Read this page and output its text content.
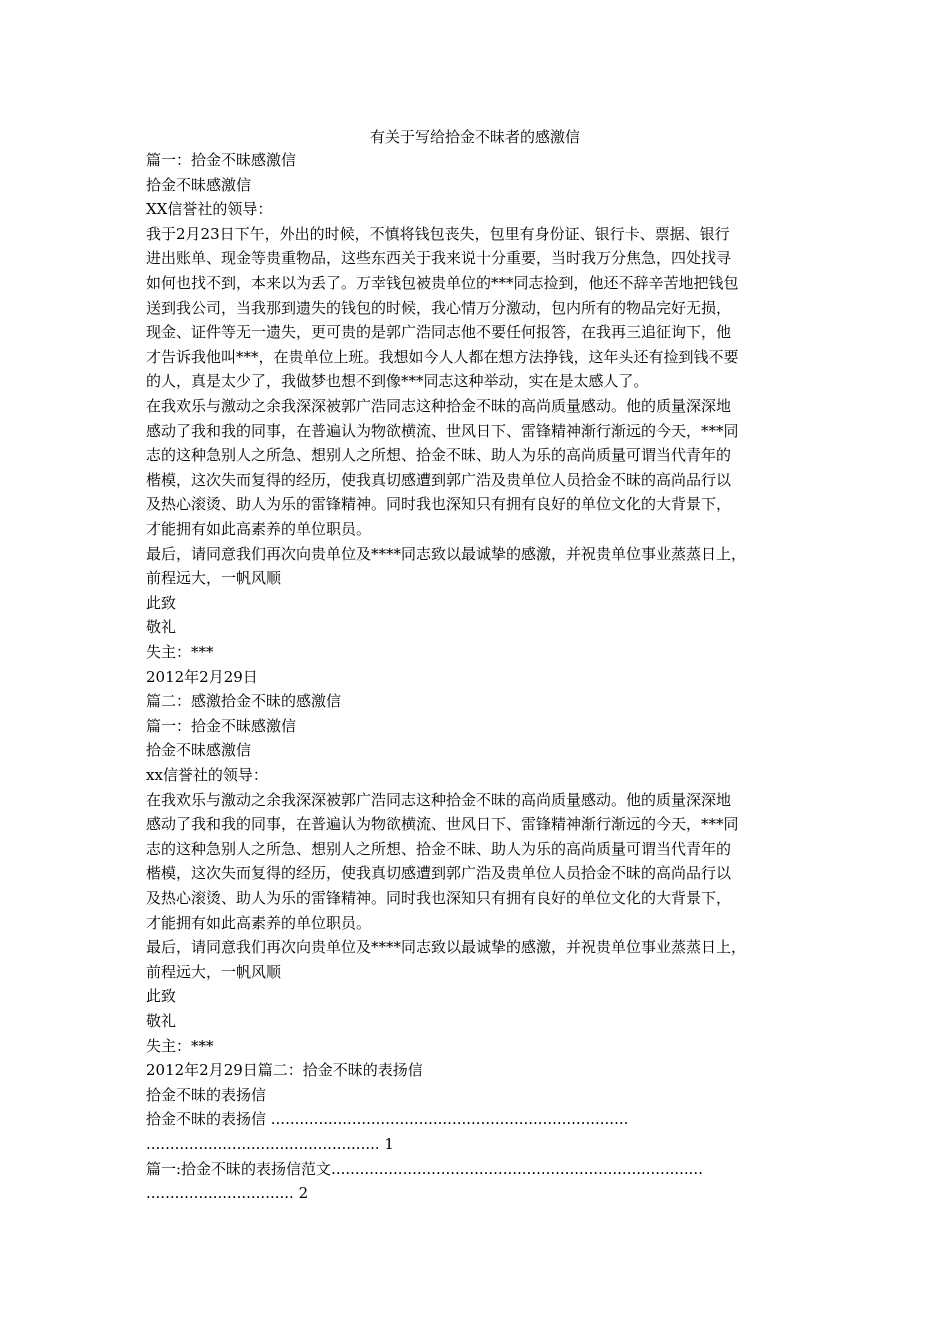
有关于写给拾金不昧者的感激信
篇一：拾金不昧感激信
拾金不昧感激信
XX信誉社的领导：
我于2月23日下午，外出的时候，不慎将钱包丧失，包里有身份证、银行卡、票据、银行
进出账单、现金等贵重物品，这些东西关于我来说十分重要，当时我万分焦急，四处找寻
如何也找不到，本来以为丢了。万幸钱包被贵单位的***同志捡到，他还不辞辛苦地把钱包
送到我公司，当我那到遗失的钱包的时候，我心情万分激动，包内所有的物品完好无损，
现金、证件等无一遗失，更可贵的是郭广浩同志他不要任何报答，在我再三追征询下，他
才告诉我他叫***，在贵单位上班。我想如今人人都在想方法挣钱，这年头还有捡到钱不要
的人，真是太少了，我做梦也想不到像***同志这种举动，实在是太感人了。
在我欢乐与激动之余我深深被郭广浩同志这种拾金不昧的高尚质量感动。他的质量深深地
感动了我和我的同事，在普遍认为物欲横流、世风日下、雷锋精神渐行渐远的今天，***同
志的这种急别人之所急、想别人之所想、拾金不昧、助人为乐的高尚质量可谓当代青年的
楷模，这次失而复得的经历，使我真切感遭到郭广浩及贵单位人员拾金不昧的高尚品行以
及热心滚烫、助人为乐的雷锋精神。同时我也深知只有拥有良好的单位文化的大背景下，
才能拥有如此高素养的单位职员。
最后，请同意我们再次向贵单位及****同志致以最诚挚的感激，并祝贵单位事业蒸蒸日上，
前程远大，一帆风顺
此致
敬礼
失主：***
2012年2月29日
篇二：感激拾金不昧的感激信
篇一：拾金不昧感激信
拾金不昧感激信
xx信誉社的领导：
在我欢乐与激动之余我深深被郭广浩同志这种拾金不昧的高尚质量感动。他的质量深深地
感动了我和我的同事，在普遍认为物欲横流、世风日下、雷锋精神渐行渐远的今天，***同
志的这种急别人之所急、想别人之所想、拾金不昧、助人为乐的高尚质量可谓当代青年的
楷模，这次失而复得的经历，使我真切感遭到郭广浩及贵单位人员拾金不昧的高尚品行以
及热心滚烫、助人为乐的雷锋精神。同时我也深知只有拥有良好的单位文化的大背景下，
才能拥有如此高素养的单位职员。
最后，请同意我们再次向贵单位及****同志致以最诚挚的感激，并祝贵单位事业蒸蒸日上，
前程远大，一帆风顺
此致
敬礼
失主：***
2012年2月29日篇二：拾金不昧的表扬信
拾金不昧的表扬信
拾金不昧的表扬信 ...........................................................................
................................................. 1
篇一:拾金不昧的表扬信范文..............................................................................
............................... 2
